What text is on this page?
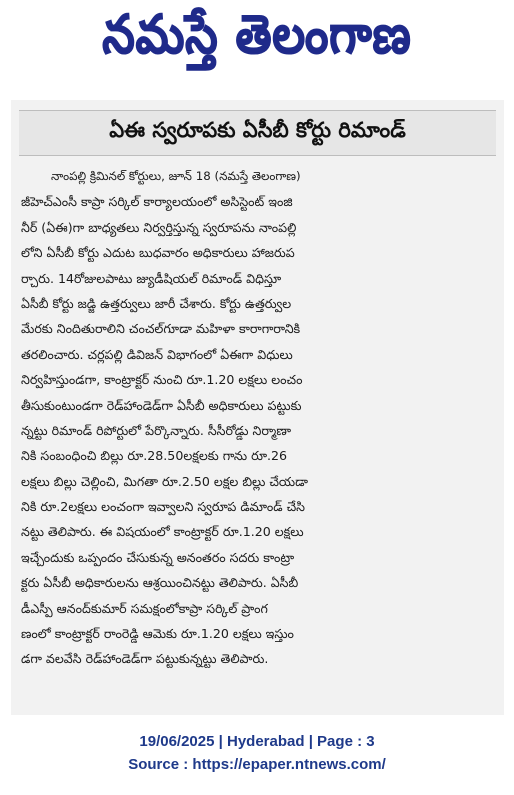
నమస్తే తెలంగాణ
ఏఈ స్వరూపకు ఏసీబీ కోర్టు రిమాండ్
నాంపల్లి క్రిమినల్ కోర్టులు, జూన్ 18 (నమస్తే తెలంగాణ)
జీహెచ్ఎంసీ కాప్రా సర్కిల్ కార్యాలయంలో అసిస్టెంట్ ఇంజి
నీర్ (ఏఈ)గా బాధ్యతలు నిర్వర్తిస్తున్న స్వరూపను నాంపల్లి
లోని ఏసీబీ కోర్టు ఎదుట బుధవారం అధికారులు హాజరుప
ర్చారు. 14రోజులపాటు జ్యుడీషియల్ రిమాండ్ విధిస్తూ
ఏసీబీ కోర్టు జడ్జి ఉత్తర్వులు జారీ చేశారు. కోర్టు ఉత్తర్వుల
మేరకు నిందితురాలిని చంచల్‌గూడా మహిళా కారాగారానికి
తరలించారు. చర్లపల్లి డివిజన్ విభాగంలో ఏఈగా విధులు
నిర్వహిస్తుండగా, కాంట్రాక్టర్ నుంచి రూ.1.20 లక్షలు లంచం
తీసుకుంటుండగా రెడ్‌హాండెడ్‌గా ఏసీబీ అధికారులు పట్టుకు
న్నట్టు రిమాండ్ రిపోర్టులో పేర్కొన్నారు. సీసీరోడ్డు నిర్మాణా
నికి సంబంధించి బిల్లు రూ.28.50లక్షలకు గాను రూ.26
లక్షలు బిల్లు చెల్లించి, మిగతా రూ.2.50 లక్షల బిల్లు చేయడా
నికి రూ.2లక్షలు లంచంగా ఇవ్వాలని స్వరూప డిమాండ్ చేసి
నట్టు తెలిపారు. ఈ విషయంలో కాంట్రాక్టర్ రూ.1.20 లక్షలు
ఇచ్చేందుకు ఒప్పందం చేసుకున్న అనంతరం సదరు కాంట్రా
క్టరు ఏసీబీ అధికారులను ఆశ్రయించినట్టు తెలిపారు. ఏసీబీ
డీఎస్పీ ఆనంద్‌కుమార్ సమక్షంలోకాప్రా సర్కిల్ ప్రాంగ
ణంలో కాంట్రాక్టర్ రాంరెడ్డి ఆమెకు రూ.1.20 లక్షలు ఇస్తుం
డగా వలవేసి రెడ్‌హాండెడ్‌గా పట్టుకున్నట్టు తెలిపారు.
19/06/2025 | Hyderabad | Page : 3
Source : https://epaper.ntnews.com/
